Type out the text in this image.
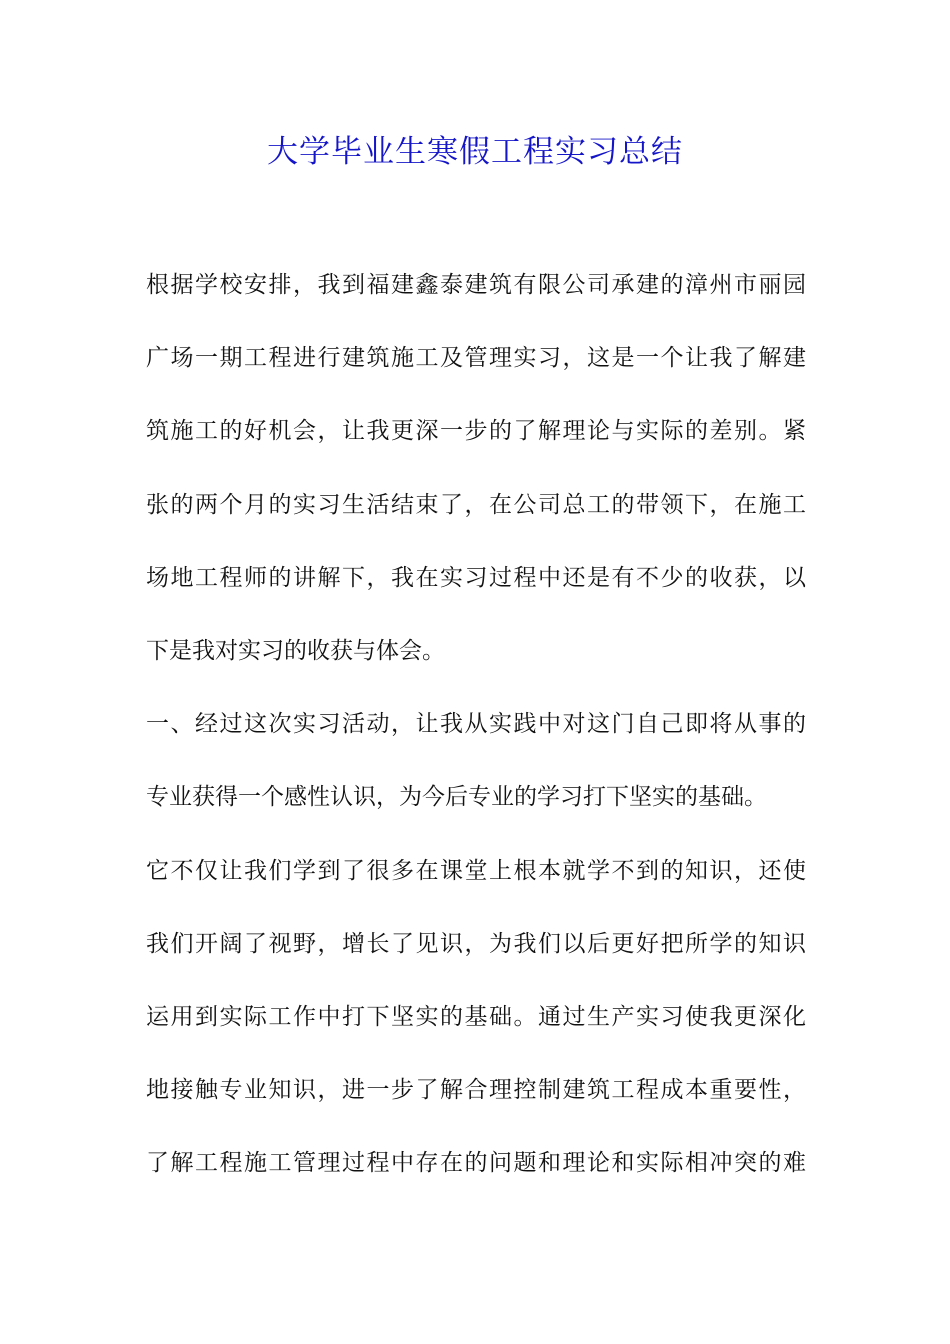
大学毕业生寒假工程实习总结
根据学校安排，我到福建鑫泰建筑有限公司承建的漳州市丽园
广场一期工程进行建筑施工及管理实习，这是一个让我了解建
筑施工的好机会，让我更深一步的了解理论与实际的差别。紧
张的两个月的实习生活结束了，在公司总工的带领下，在施工
场地工程师的讲解下，我在实习过程中还是有不少的收获，以
下是我对实习的收获与体会。
一、经过这次实习活动，让我从实践中对这门自己即将从事的
专业获得一个感性认识，为今后专业的学习打下坚实的基础。
它不仅让我们学到了很多在课堂上根本就学不到的知识，还使
我们开阔了视野，增长了见识，为我们以后更好把所学的知识
运用到实际工作中打下坚实的基础。通过生产实习使我更深化
地接触专业知识，进一步了解合理控制建筑工程成本重要性，
了解工程施工管理过程中存在的问题和理论和实际相冲突的难
